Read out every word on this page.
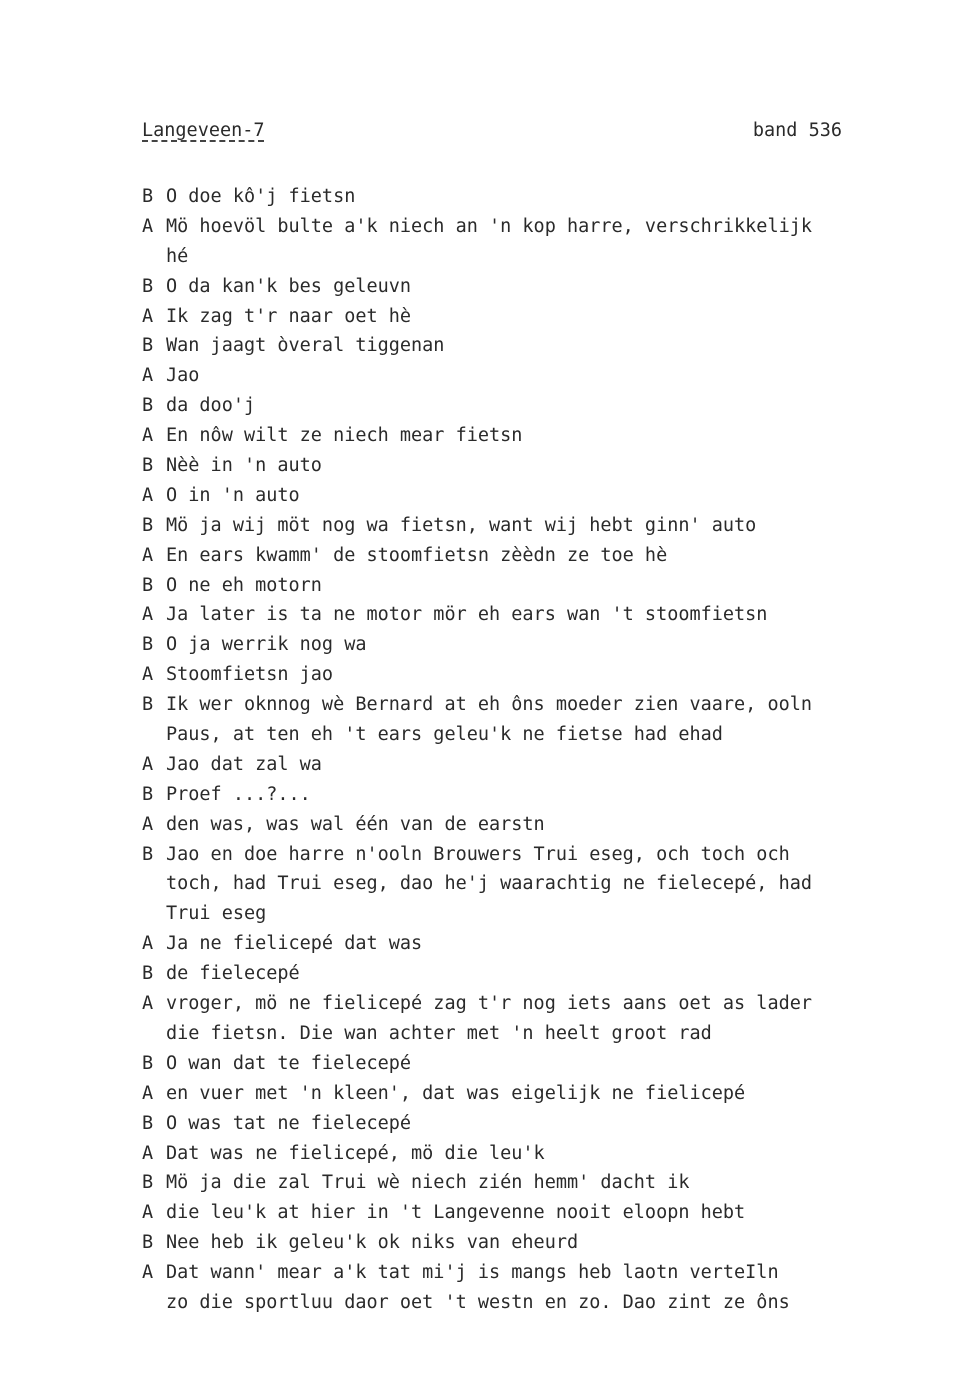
Langeveen-7	band 536
B O doe kô'j fietsn
A Mö hoevöl bulte a'k niech an 'n kop harre, verschrikkelijk
hé
B O da kan'k bes geleuvn
A Ik zag t'r naar oet hè
B Wan jaagt òveral tiggenan
A Jao
B da doo'j
A En nôw wilt ze niech mear fietsn
B Nèè in 'n auto
A O in 'n auto
B Mö ja wij möt nog wa fietsn, want wij hebt ginn' auto
A En ears kwamm' de stoomfietsn zèèdn ze toe hè
B O ne eh motorn
A Ja later is ta ne motor mör eh ears wan 't stoomfietsn
B O ja werrik nog wa
A Stoomfietsn jao
B Ik wer oknnog wè Bernard at eh ôns moeder zien vaare, ooln
Paus, at ten eh 't ears geleu'k ne fietse had ehad
A Jao dat zal wa
B Proef ...?...
A den was, was wal één van de earstn
B Jao en doe harre n'ooln Brouwers Trui eseg, och toch och
toch, had Trui eseg, dao he'j waarachtig ne fielecepé, had
Trui eseg
A Ja ne fielicepé dat was
B de fielecepé
A vroger, mö ne fielicepé zag t'r nog iets aans oet as lader
die fietsn. Die wan achter met 'n heelt groot rad
B O wan dat te fielecepé
A en vuer met 'n kleen', dat was eigelijk ne fielicepé
B O was tat ne fielecepé
A Dat was ne fielicepé, mö die leu'k
B Mö ja die zal Trui wè niech zién hemm' dacht ik
A die leu'k at hier in 't Langevenne nooit eloopn hebt
B Nee heb ik geleu'k ok niks van eheurd
A Dat wann' mear a'k tat mi'j is mangs heb laotn verteIln
zo die sportluu daor oet 't westn en zo. Dao zint ze ôns
